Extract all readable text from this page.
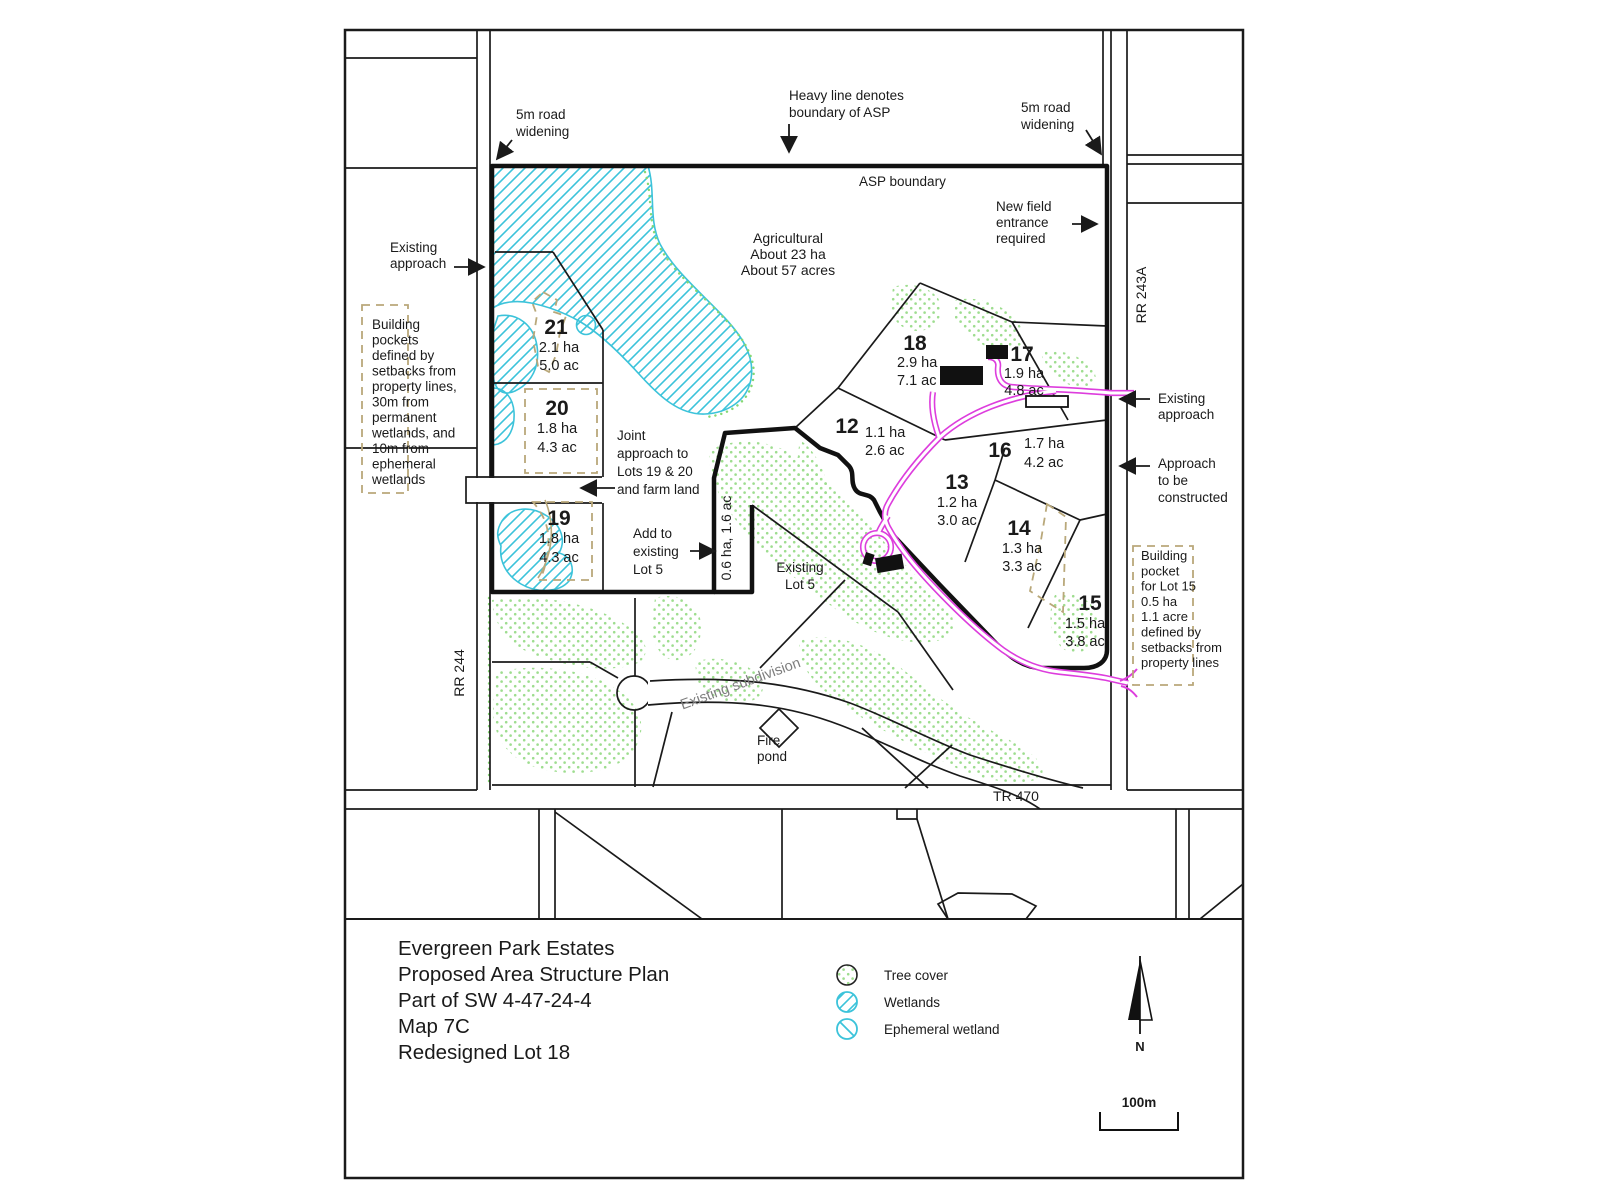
5m road
widening
Heavy line denotes
boundary of ASP	5m road
widening
ASP boundary
New field
entrance
required
Agricultural
About 23 ha
About 57 acres
Existing
approach
Building
pockets
defined by
setbacks from
property lines,
30m from
permanent
wetlands, and
10m from
ephemeral
wetlands
Joint
approach to
Lots 19 & 20
and farm land
Add to
existing
Lot 5	0.6 ha, 1.6 ac
Existing
approach
Approach
to be
constructed
Building
pocket
for Lot 15
0.5 ha
1.1 acre
defined by
setbacks from
property lines
Existing
Lot 5
Existing subdivision
Fire
pond
RR 244
RR 243A
TR 470
21
2.1 ha
5.0 ac
20
1.8 ha
4.3 ac
19
1.8 ha
4.3 ac
12 1.1 ha
2.6 ac
18
2.9 ha
7.1 ac
17
1.9 ha
4.8 ac
16 1.7 ha
4.2 ac
13
1.2 ha
3.0 ac 14
1.3 ha
3.3 ac
15
1.5 ha
3.8 ac
Evergreen Park Estates
Proposed Area Structure Plan
Part of SW 4-47-24-4
Map 7C
Redesigned Lot 18
Tree cover
Wetlands
Ephemeral wetland
N
100m
